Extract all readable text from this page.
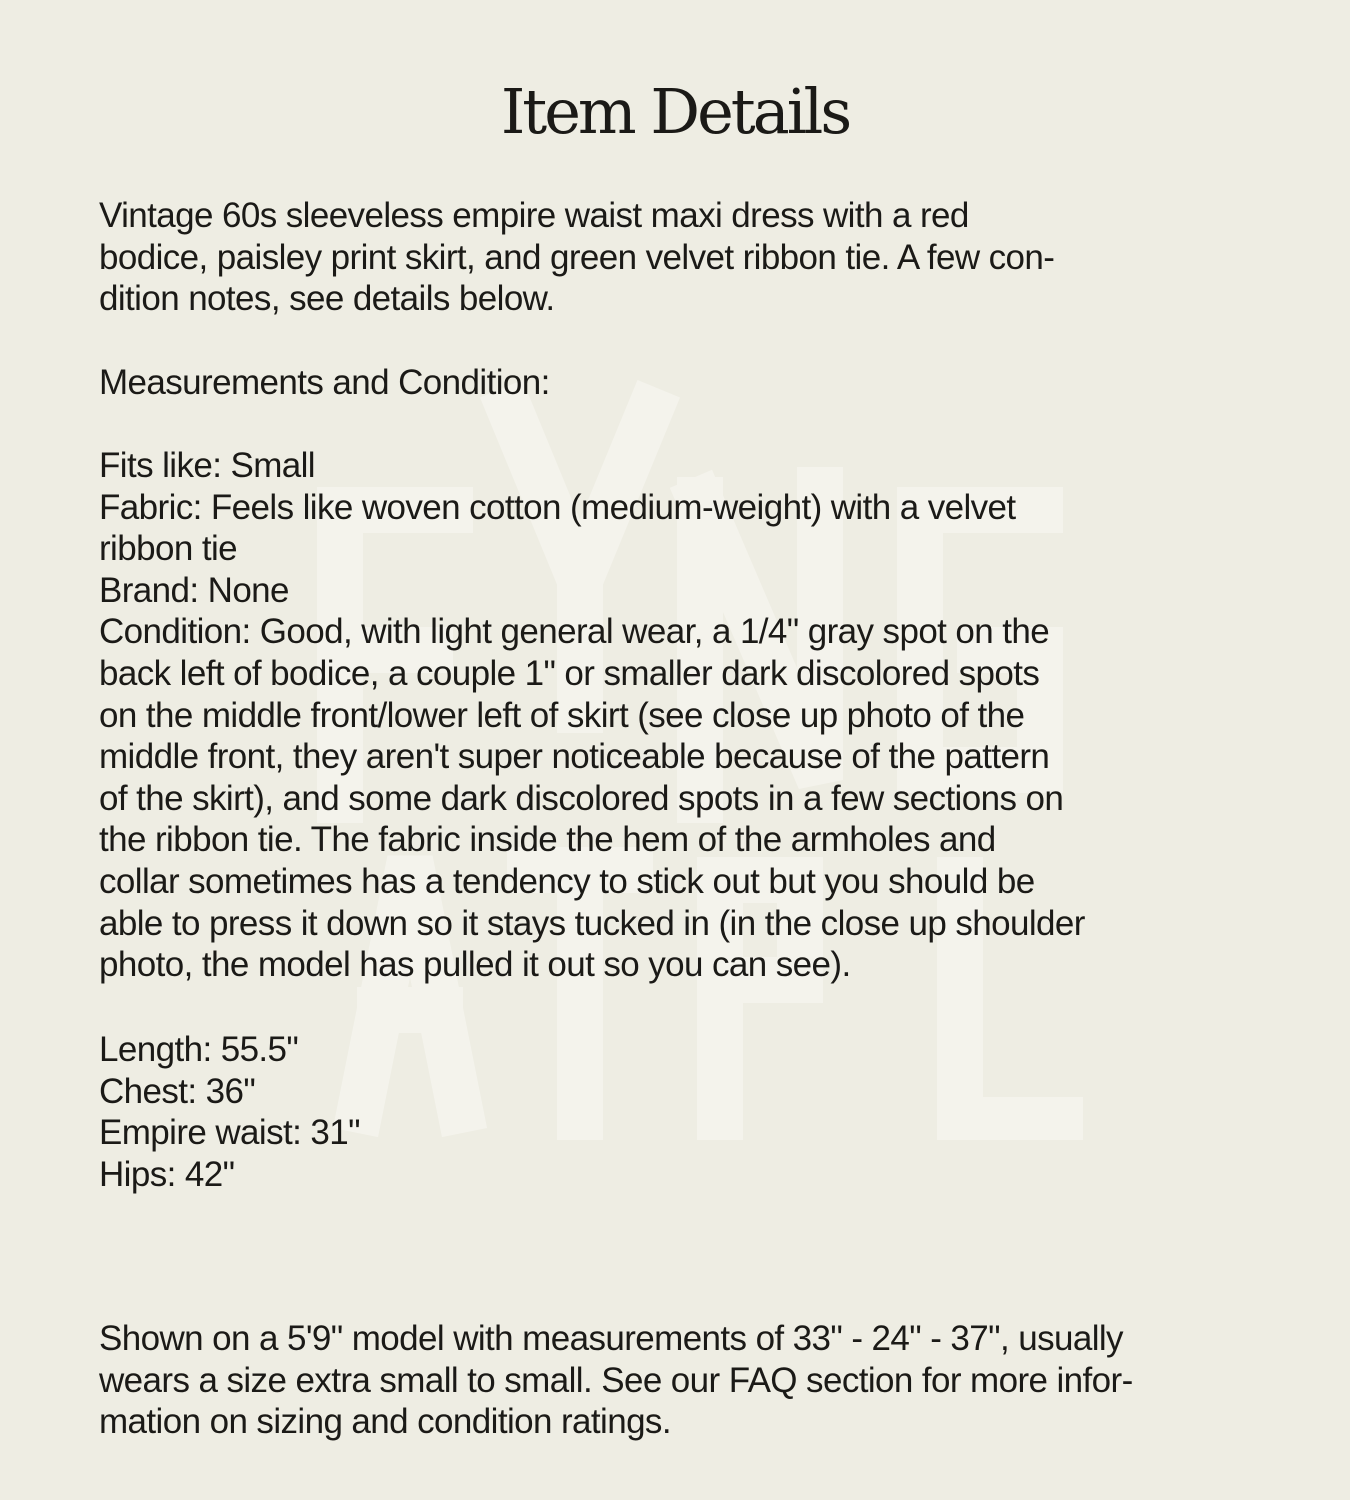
Item Details

Vintage 60s sleeveless empire waist maxi dress with a red
bodice, paisley print skirt, and green velvet ribbon tie. A few con-
dition notes, see details below.

Measurements and Condition:

Fits like: Small
Fabric: Feels like woven cotton (medium-weight) with a velvet
ribbon tie
Brand: None
Condition: Good, with light general wear, a 1/4" gray spot on the
back left of bodice, a couple 1" or smaller dark discolored spots
on the middle front/lower left of skirt (see close up photo of the
middle front, they aren't super noticeable because of the pattern
of the skirt), and some dark discolored spots in a few sections on
the ribbon tie. The fabric inside the hem of the armholes and
collar sometimes has a tendency to stick out but you should be
able to press it down so it stays tucked in (in the close up shoulder
photo, the model has pulled it out so you can see).

Length: 55.5"
Chest: 36"
Empire waist: 31"
Hips: 42"

Shown on a 5'9" model with measurements of 33" - 24" - 37", usually
wears a size extra small to small. See our FAQ section for more infor-
mation on sizing and condition ratings.
